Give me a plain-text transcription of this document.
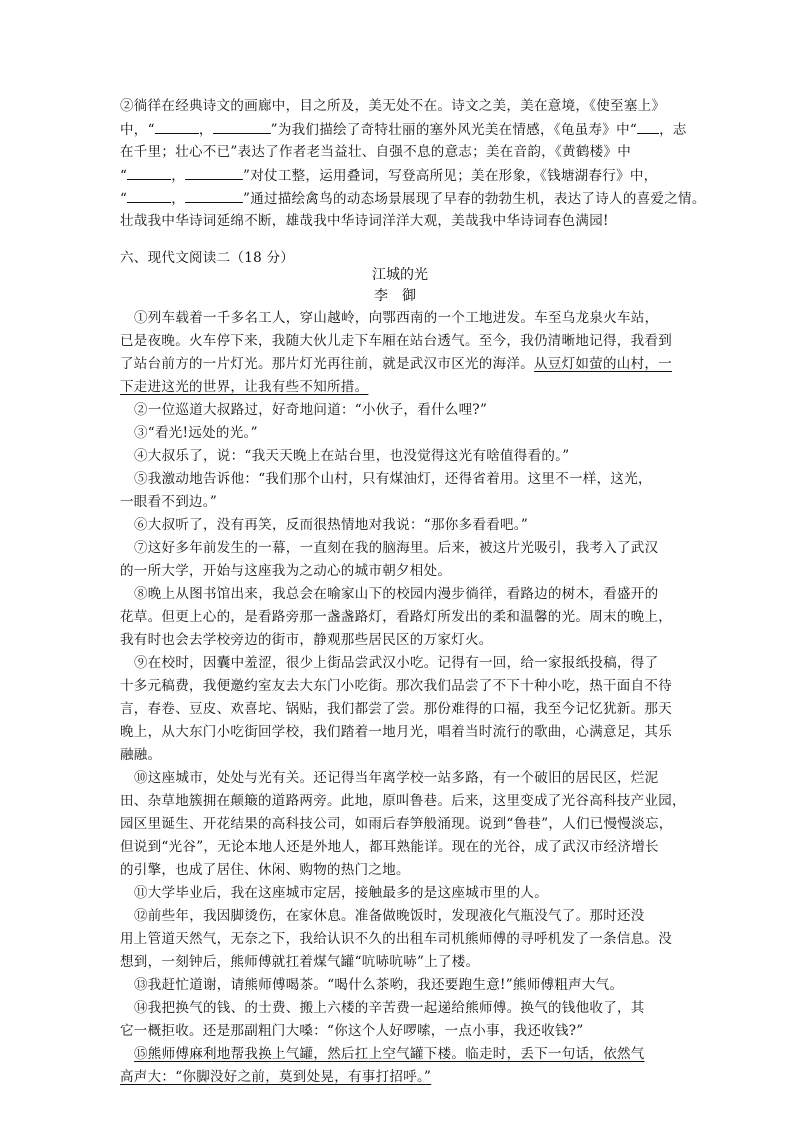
②徜徉在经典诗文的画廊中，目之所及，美无处不在。诗文之美，美在意境，《使至塞上》
中，“	，	”为我们描绘了奇特壮丽的塞外风光美在情感，《龟虽寿》中“ ，志
在千里；壮心不已”表达了作者老当益壮、自强不息的意志；美在音韵，《黄鹤楼》中
“	，	”对仗工整，运用叠词，写登高所见；美在形象，《钱塘湖春行》中，
“	，	”通过描绘禽鸟的动态场景展现了早春的勃勃生机，表达了诗人的喜爱之情。
壮哉我中华诗词延绵不断，雄哉我中华诗词洋洋大观，美哉我中华诗词春色满园!
六、现代文阅读二（18 分）
江城的光
李　御
①列车载着一千多名工人，穿山越岭，向鄂西南的一个工地进发。车至乌龙泉火车站，
已是夜晚。火车停下来，我随大伙儿走下车厢在站台透气。至今，我仍清晰地记得，我看到
了站台前方的一片灯光。那片灯光再往前，就是武汉市区光的海洋。从豆灯如萤的山村，一
下走进这光的世界，让我有些不知所措。
②一位巡道大叔路过，好奇地问道：“小伙子，看什么哩?”
③“看光!远处的光。”
④大叔乐了，说：“我天天晚上在站台里，也没觉得这光有啥值得看的。”
⑤我激动地告诉他：“我们那个山村，只有煤油灯，还得省着用。这里不一样，这光，
一眼看不到边。”
⑥大叔听了，没有再笑，反而很热情地对我说：“那你多看看吧。”
⑦这好多年前发生的一幕，一直刻在我的脑海里。后来，被这片光吸引，我考入了武汉
的一所大学，开始与这座我为之动心的城市朝夕相处。
⑧晚上从图书馆出来，我总会在喻家山下的校园内漫步徜徉，看路边的树木，看盛开的
花草。但更上心的，是看路旁那一盏盏路灯，看路灯所发出的柔和温馨的光。周末的晚上，
我有时也会去学校旁边的街市，静观那些居民区的万家灯火。
⑨在校时，因囊中羞涩，很少上街品尝武汉小吃。记得有一回，给一家报纸投稿，得了
十多元稿费，我便邀约室友去大东门小吃街。那次我们品尝了不下十种小吃，热干面自不待
言，春卷、豆皮、欢喜坨、锅贴，我们都尝了尝。那份难得的口福，我至今记忆犹新。那天
晚上，从大东门小吃街回学校，我们踏着一地月光，唱着当时流行的歌曲，心满意足，其乐
融融。
⑩这座城市，处处与光有关。还记得当年离学校一站多路，有一个破旧的居民区，烂泥
田、杂草地簇拥在颠簸的道路两旁。此地，原叫鲁巷。后来，这里变成了光谷高科技产业园，
园区里诞生、开花结果的高科技公司，如雨后春笋般涌现。说到“鲁巷”，人们已慢慢淡忘，
但说到“光谷”，无论本地人还是外地人，都耳熟能详。现在的光谷，成了武汉市经济增长
的引擎，也成了居住、休闲、购物的热门之地。
⑪大学毕业后，我在这座城市定居，接触最多的是这座城市里的人。
⑫前些年，我因脚烫伤，在家休息。准备做晚饭时，发现液化气瓶没气了。那时还没
用上管道天然气，无奈之下，我给认识不久的出租车司机熊师傅的寻呼机发了一条信息。没
想到，一刻钟后，熊师傅就扛着煤气罐“吭哧吭哧”上了楼。
⑬我赶忙道谢，请熊师傅喝茶。“喝什么茶哟，我还要跑生意!”熊师傅粗声大气。
⑭我把换气的钱、的士费、搬上六楼的辛苦费一起递给熊师傅。换气的钱他收了，其
它一概拒收。还是那副粗门大嗓：“你这个人好啰嗦，一点小事，我还收钱?”
⑮熊师傅麻利地帮我换上气罐，然后扛上空气罐下楼。临走时，丢下一句话，依然气
高声大：“你脚没好之前，莫到处晃，有事打招呼。”
